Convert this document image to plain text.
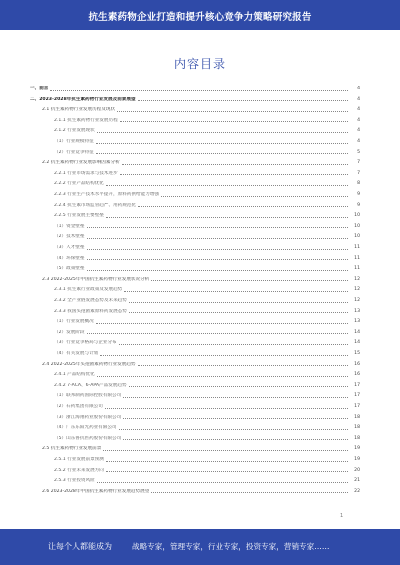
抗生素药物企业打造和提升核心竞争力策略研究报告
内容目录
一、前言	4
二、2023-2028年抗生素药物行业发展及前景展望	4
2.1 抗生素药物行业发展历程及现状	4
2.1.1 抗生素药物行业发展历程	4
2.1.2 行业发展现状	4
（1）行业规模特征	4
（2）行业竞争特征	5
2.2 抗生素药物行业发展影响因素分析	7
2.2.1 行业市场需求与技术进步	7
2.2.2 行业产品结构优化	8
2.2.3 行业生产技术水平提升，原料药供给能力增强	9
2.2.4 抗生素市场监管趋严、用药规范化	9
2.2.5 行业发展主要壁垒	10
（1）资金壁垒	10
（2）技术壁垒	10
（3）人才壁垒	11
（4）环保壁垒	11
（5）政策壁垒	11
2.3 2022-2025年中国抗生素药物行业发展状况分析	12
2.3.1 抗生素行业政策及发展趋势	12
2.3.2 全产业链发展态势及未来趋势	12
2.3.3 我国头孢菌素原料药发展态势	13
（1）行业发展概况	13
（2）发展阶段	14
（3）行业竞争格局与企业分布	14
（4）有关发展与计划	15
2.4 2022-2025年头孢菌素药物行业发展趋势	16
2.4.1 产品结构优化	16
2.4.2 7-ACA、6-APA产品发展趋势	17
（1）联邦制药国际控股有限公司	17
（2）石药集团有限公司	17
（3）浙江海翔药业股份有限公司	18
（4）广东东阳光药业有限公司	18
（5）山东鲁抗医药股份有限公司	18
2.5 抗生素药物行业发展前景	19
2.5.1 行业发展前景预测	19
2.5.2 行业未来发展方向	20
2.5.3 行业投资风险	21
2.6 2023-2028年中国抗生素药物行业发展趋势展望	22
1
让每个人都能成为	战略专家，管理专家，行业专家，投资专家，营销专家……
